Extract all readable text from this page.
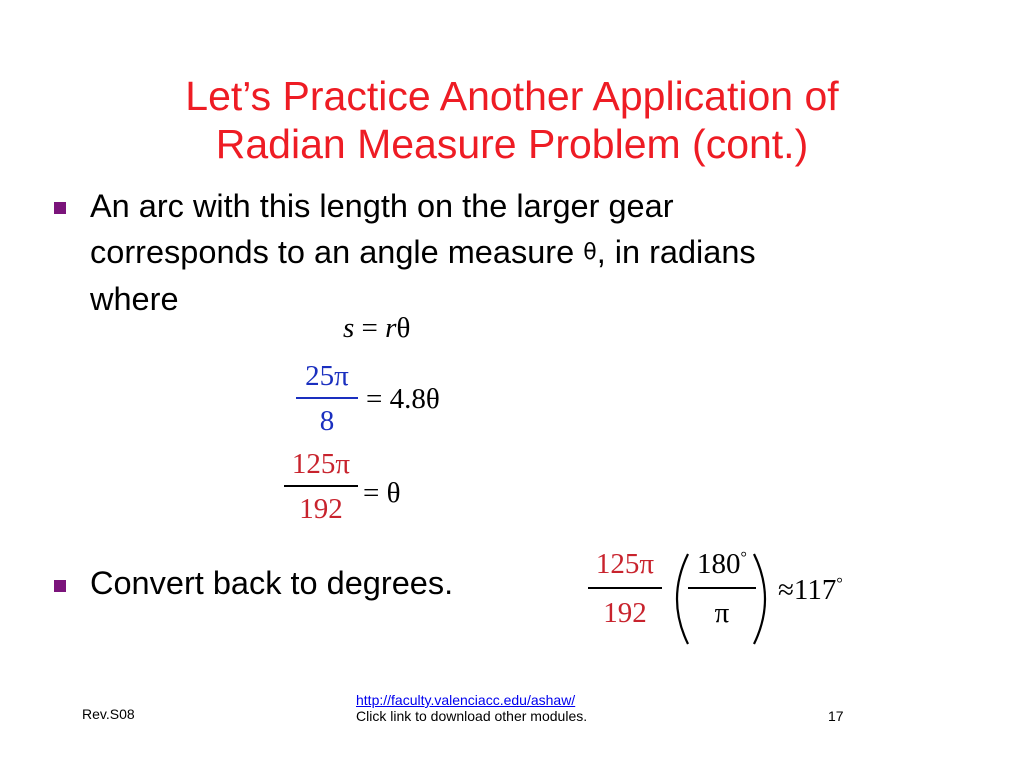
Let’s Practice Another Application of
Radian Measure Problem (cont.)

An arc with this length on the larger gear
corresponds to an angle measure θ, in radians
where

s = rθ
25π
8
= 4.8θ
125π
192 = θ

Convert back to degrees.

125π
192
180°
π
≈117°
Rev.S08
http://faculty.valenciacc.edu/ashaw/
Click link to download other modules.	17
